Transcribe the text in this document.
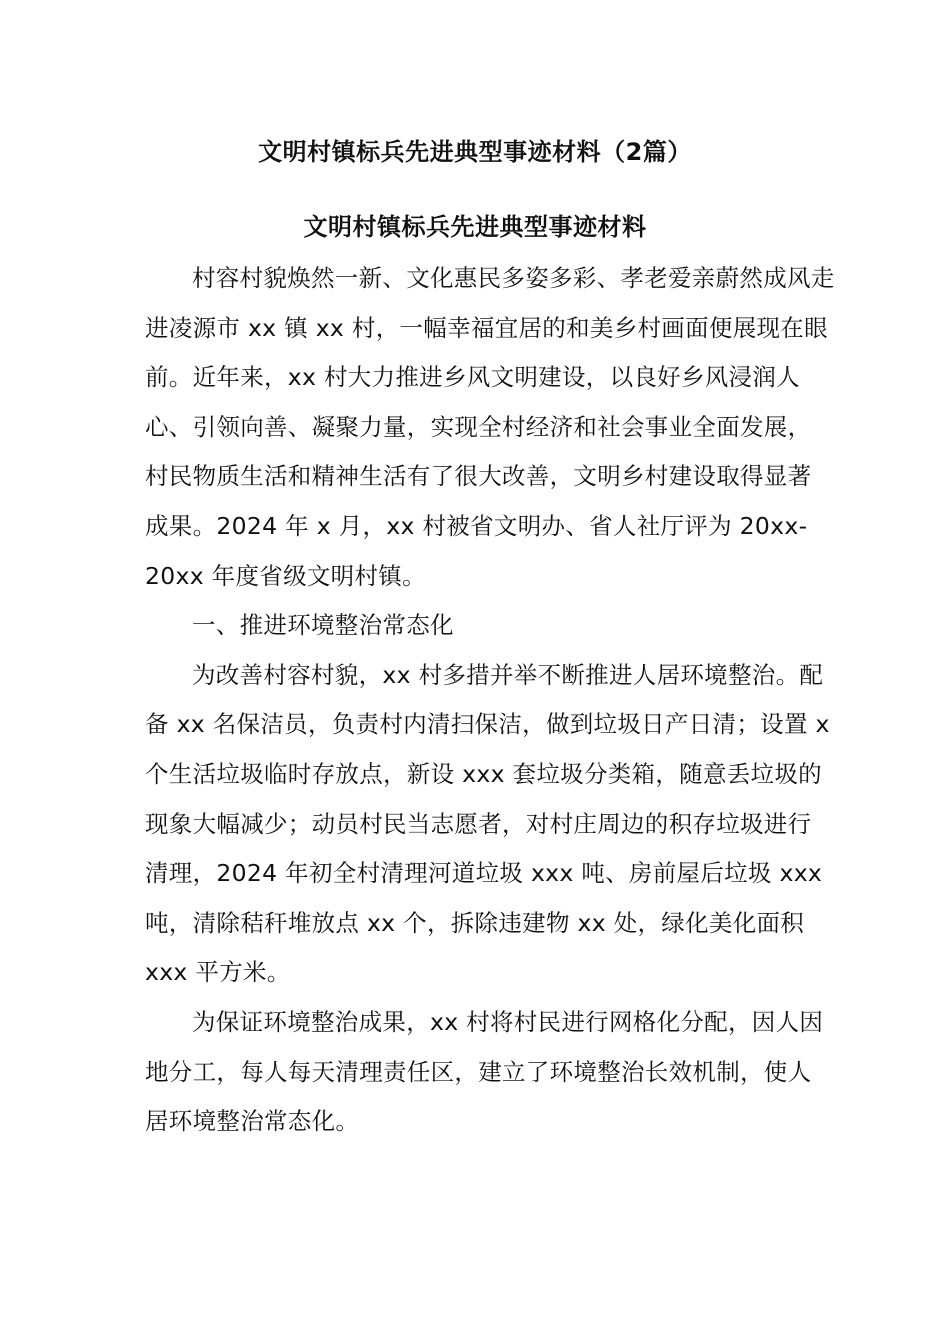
文明村镇标兵先进典型事迹材料（2篇）
文明村镇标兵先进典型事迹材料

村容村貌焕然一新、文化惠民多姿多彩、孝老爱亲蔚然成风走进凌源市 xx 镇 xx 村，一幅幸福宜居的和美乡村画面便展现在眼前。近年来，xx 村大力推进乡风文明建设，以良好乡风浸润人心、引领向善、凝聚力量，实现全村经济和社会事业全面发展，村民物质生活和精神生活有了很大改善，文明乡村建设取得显著成果。2024 年 x 月，xx 村被省文明办、省人社厅评为 20xx-20xx 年度省级文明村镇。

一、推进环境整治常态化

为改善村容村貌，xx 村多措并举不断推进人居环境整治。配备 xx 名保洁员，负责村内清扫保洁，做到垃圾日产日清；设置 x 个生活垃圾临时存放点，新设 xxx 套垃圾分类箱，随意丢垃圾的现象大幅减少；动员村民当志愿者，对村庄周边的积存垃圾进行清理，2024 年初全村清理河道垃圾 xxx 吨、房前屋后垃圾 xxx 吨，清除秸秆堆放点 xx 个，拆除违建物 xx 处，绿化美化面积 xxx 平方米。

为保证环境整治成果，xx 村将村民进行网格化分配，因人因地分工，每人每天清理责任区，建立了环境整治长效机制，使人居环境整治常态化。
